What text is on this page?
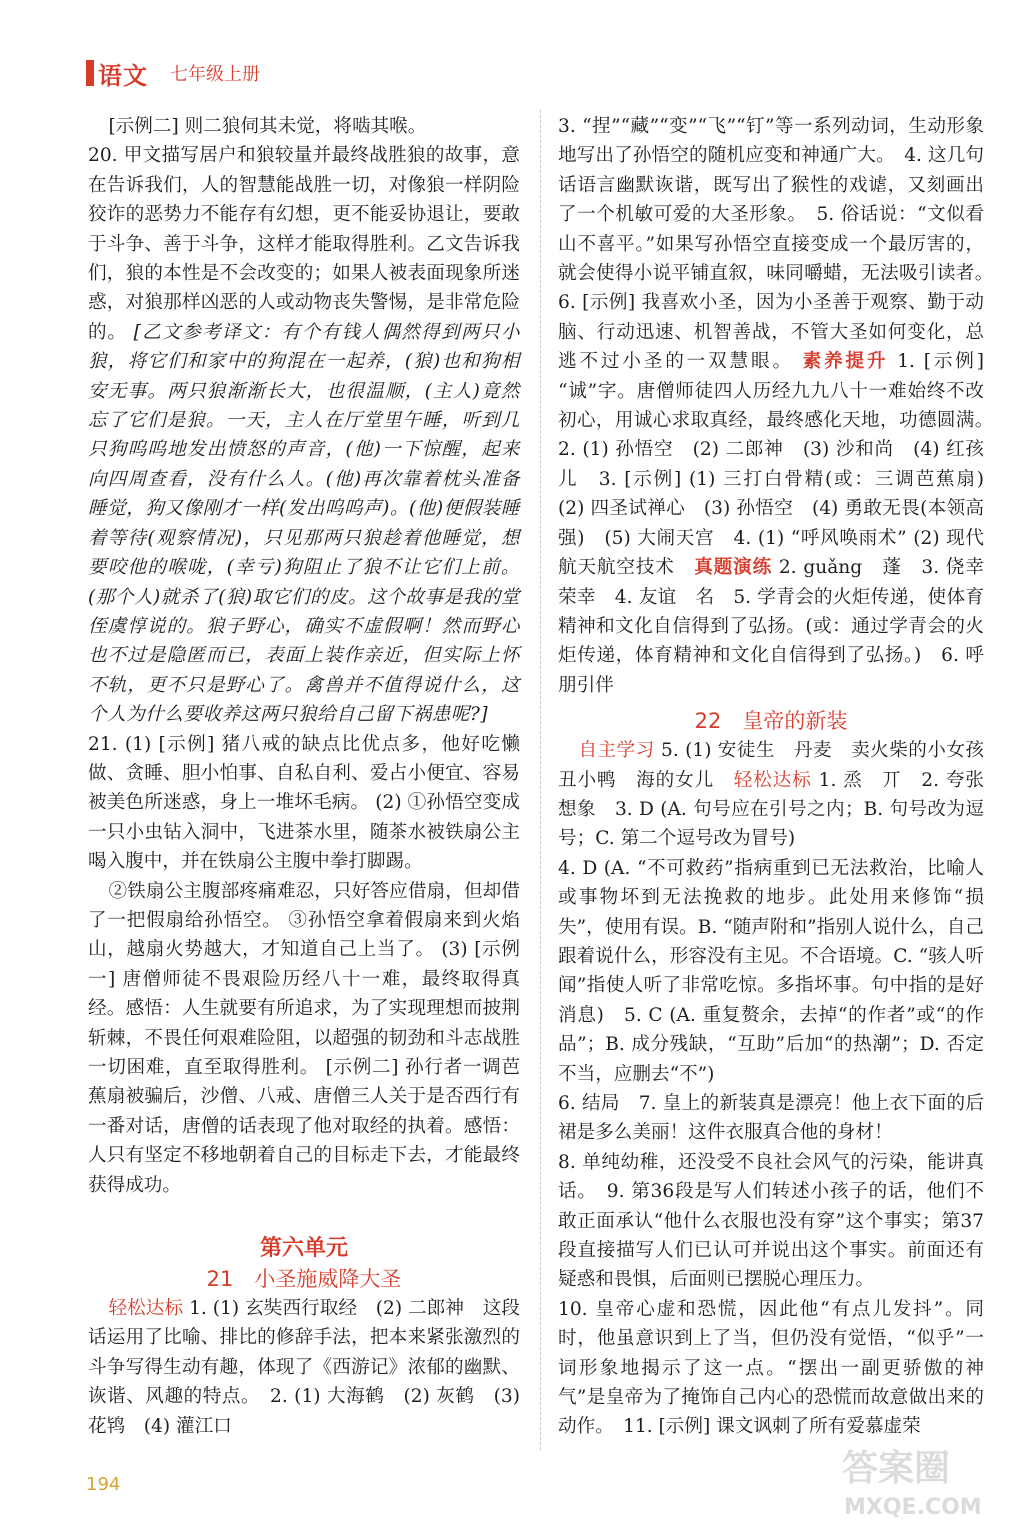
语文 七年级上册

[示例二] 则二狼伺其未觉，将啮其喉。

20. 甲文描写居户和狼较量并最终战胜狼的故事，意在告诉我们，人的智慧能战胜一切，对像狼一样阴险狡诈的恶势力不能存有幻想，更不能妥协退让，要敢于斗争、善于斗争，这样才能取得胜利。乙文告诉我们，狼的本性是不会改变的；如果人被表面现象所迷惑，对狼那样凶恶的人或动物丧失警惕，是非常危险的。 [乙文参考译文：有个有钱人偶然得到两只小狼，将它们和家中的狗混在一起养，(狼)也和狗相安无事。两只狼渐渐长大，也很温顺，(主人)竟然忘了它们是狼。一天，主人在厅堂里午睡，听到几只狗呜呜地发出愤怒的声音，(他)一下惊醒，起来向四周查看，没有什么人。(他)再次靠着枕头准备睡觉，狗又像刚才一样(发出呜呜声)。(他)便假装睡着等待(观察情况)，只见那两只狼趁着他睡觉，想要咬他的喉咙，(幸亏)狗阻止了狼不让它们上前。(那个人)就杀了(狼)取它们的皮。这个故事是我的堂侄虞惇说的。狼子野心，确实不虚假啊！然而野心也不过是隐匿而已，表面上装作亲近，但实际上怀不轨，更不只是野心了。禽兽并不值得说什么，这个人为什么要收养这两只狼给自己留下祸患呢?]

21. (1) [示例] 猪八戒的缺点比优点多，他好吃懒做、贪睡、胆小怕事、自私自利、爱占小便宜、容易被美色所迷惑，身上一堆坏毛病。 (2) ①孙悟空变成一只小虫钻入洞中，飞进茶水里，随茶水被铁扇公主喝入腹中，并在铁扇公主腹中拳打脚踢。

②铁扇公主腹部疼痛难忍，只好答应借扇，但却借了一把假扇给孙悟空。 ③孙悟空拿着假扇来到火焰山，越扇火势越大，才知道自己上当了。 (3) [示例一] 唐僧师徒不畏艰险历经八十一难，最终取得真经。感悟：人生就要有所追求，为了实现理想而披荆斩棘，不畏任何艰难险阻，以超强的韧劲和斗志战胜一切困难，直至取得胜利。 [示例二] 孙行者一调芭蕉扇被骗后，沙僧、八戒、唐僧三人关于是否西行有一番对话，唐僧的话表现了他对取经的执着。感悟：人只有坚定不移地朝着自己的目标走下去，才能最终获得成功。

第六单元
21　小圣施威降大圣

轻松达标 1. (1) 玄奘西行取经　(2) 二郎神　这段话运用了比喻、排比的修辞手法，把本来紧张激烈的斗争写得生动有趣，体现了《西游记》浓郁的幽默、诙谐、风趣的特点。　2. (1) 大海鹤　(2) 灰鹤　(3) 花鸨　(4) 灌江口

3. “捏”“藏”“变”“飞”“钉”等一系列动词，生动形象地写出了孙悟空的随机应变和神通广大。　4. 这几句话语言幽默诙谐，既写出了猴性的戏谑，又刻画出了一个机敏可爱的大圣形象。　5. 俗话说：“文似看山不喜平。”如果写孙悟空直接变成一个最厉害的，就会使得小说平铺直叙，味同嚼蜡，无法吸引读者。　6. [示例] 我喜欢小圣，因为小圣善于观察、勤于动脑、行动迅速、机智善战，不管大圣如何变化，总逃不过小圣的一双慧眼。 素养提升 1. [示例] “诚”字。唐僧师徒四人历经九九八十一难始终不改初心，用诚心求取真经，最终感化天地，功德圆满。　2. (1) 孙悟空　(2) 二郎神　(3) 沙和尚　(4) 红孩儿　3. [示例] (1) 三打白骨精(或：三调芭蕉扇)　(2) 四圣试禅心　(3) 孙悟空　(4) 勇敢无畏(本领高强)　(5) 大闹天宫　4. (1) “呼风唤雨术” (2) 现代航天航空技术　真题演练 2. guǎng　蓬　3. 侥幸　荣幸　4. 友谊　名　5. 学青会的火炬传递，使体育精神和文化自信得到了弘扬。(或：通过学青会的火炬传递，体育精神和文化自信得到了弘扬。)　6. 呼朋引伴

22　皇帝的新装

自主学习 5. (1) 安徒生　丹麦　卖火柴的小女孩　丑小鸭　海的女儿　轻松达标 1. 烝　丌　2. 夸张　想象　3. D (A. 句号应在引号之内；B. 句号改为逗号；C. 第二个逗号改为冒号)

4. D (A. “不可救药”指病重到已无法救治，比喻人或事物坏到无法挽救的地步。此处用来修饰“损失”，使用有误。B. “随声附和”指别人说什么，自己跟着说什么，形容没有主见。不合语境。C. “骇人听闻”指使人听了非常吃惊。多指坏事。句中指的是好消息)　5. C (A. 重复赘余，去掉“的作者”或“的作品”；B. 成分残缺，“互助”后加“的热潮”；D. 否定不当，应删去“不”)

6. 结局　7. 皇上的新装真是漂亮！他上衣下面的后裙是多么美丽！这件衣服真合他的身材！

8. 单纯幼稚，还没受不良社会风气的污染，能讲真话。　9. 第36段是写人们转述小孩子的话，他们不敢正面承认“他什么衣服也没有穿”这个事实；第37段直接描写人们已认可并说出这个事实。前面还有疑惑和畏惧，后面则已摆脱心理压力。

10. 皇帝心虚和恐慌，因此他“有点儿发抖”。同时，他虽意识到上了当，但仍没有觉悟，“似乎”一词形象地揭示了这一点。“摆出一副更骄傲的神气”是皇帝为了掩饰自己内心的恐慌而故意做出来的动作。　11. [示例] 课文讽刺了所有爱慕虚荣

194	答案圈
MXQE.COM
